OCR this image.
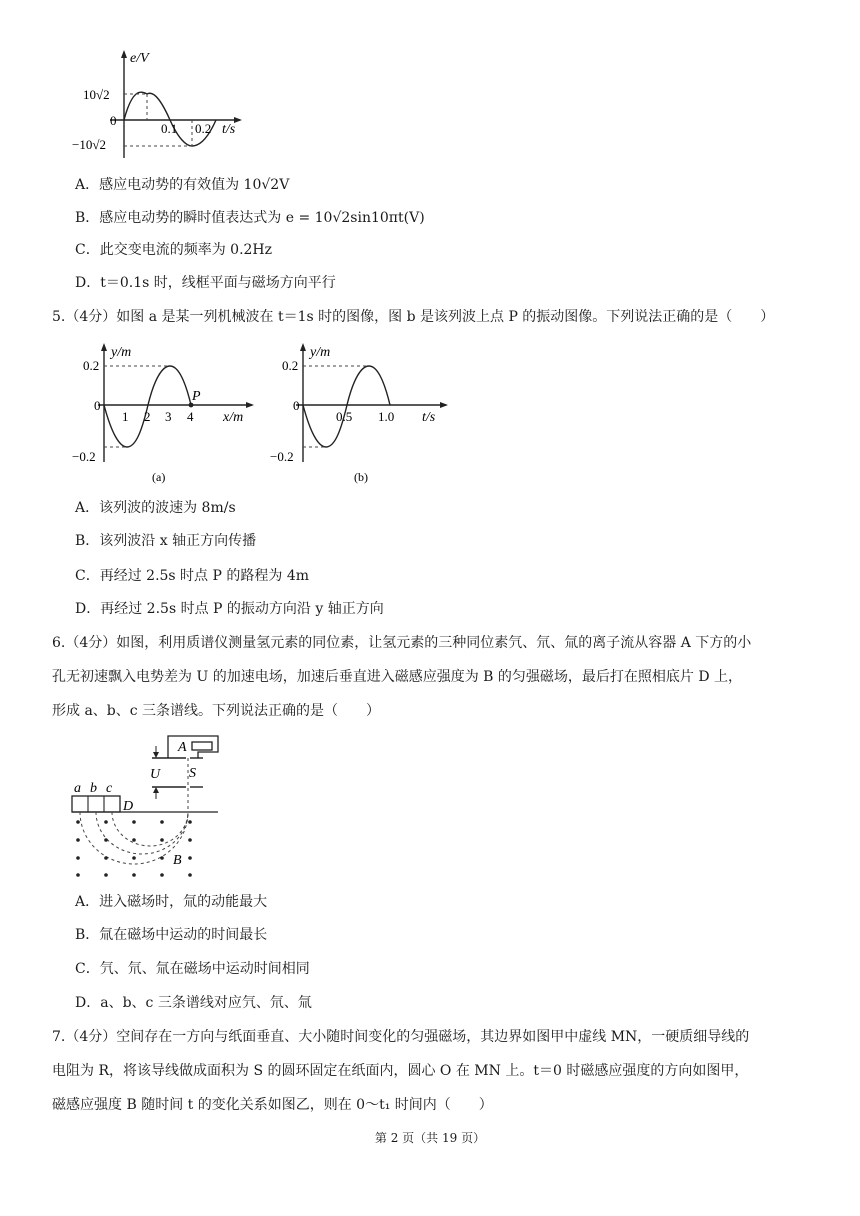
e/V
10√2
0
−10√2
0.1 0.2 t/s
A．感应电动势的有效值为 10√2V
B．感应电动势的瞬时值表达式为 e = 10√2sin10πt(V)
C．此交变电流的频率为 0.2Hz
D．t＝0.1s 时，线框平面与磁场方向平行
5.（4分）如图 a 是某一列机械波在 t＝1s 时的图像，图 b 是该列波上点 P 的振动图像。下列说法正确的是（　　）
y/m
0.2
0
−0.2
1 2 3 4
P
x/m
(a)
y/m
0.2
0
−0.2
0.5 1.0 t/s
(b)
A．该列波的波速为 8m/s
B．该列波沿 x 轴正方向传播
C．再经过 2.5s 时点 P 的路程为 4m
D．再经过 2.5s 时点 P 的振动方向沿 y 轴正方向
6.（4分）如图，利用质谱仪测量氢元素的同位素，让氢元素的三种同位素氕、氘、氚的离子流从容器 A 下方的小
孔无初速飘入电势差为 U 的加速电场，加速后垂直进入磁感应强度为 B 的匀强磁场，最后打在照相底片 D 上，
形成 a、b、c 三条谱线。下列说法正确的是（　　）
A
U S
a b c
D
B
A．进入磁场时，氚的动能最大
B．氚在磁场中运动的时间最长
C．氕、氘、氚在磁场中运动时间相同
D．a、b、c 三条谱线对应氕、氘、氚
7.（4分）空间存在一方向与纸面垂直、大小随时间变化的匀强磁场，其边界如图甲中虚线 MN，一硬质细导线的
电阻为 R，将该导线做成面积为 S 的圆环固定在纸面内，圆心 O 在 MN 上。t＝0 时磁感应强度的方向如图甲，
磁感应强度 B 随时间 t 的变化关系如图乙，则在 0～t₁ 时间内（　　）
第 2 页（共 19 页）
